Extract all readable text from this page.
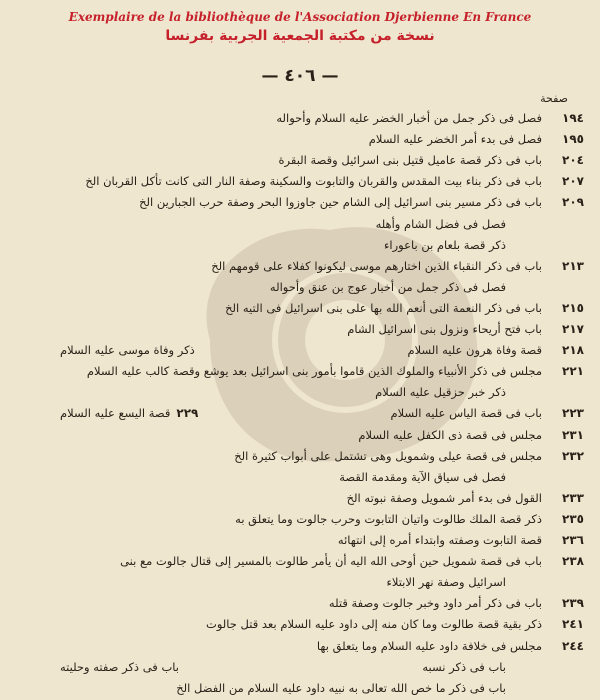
Exemplaire de la bibliothèque de l'Association Djerbienne En France
نسخة من مكتبة الجمعية الجربية بفرنسا
— ٤٠٦ —
صفحة
١٩٤فصل فى ذكر جمل من أخبار الخضر عليه السلام وأحواله
١٩٥فصل فى بدء أمر الخضر عليه السلام
٢٠٤باب فى ذكر قصة عاميل قتيل بنى اسرائيل وقصة البقرة
٢٠٧باب فى ذكر بناء بيت المقدس والقربان والتابوت والسكينة وصفة النار التى كانت تأكل القربان الخ
٢٠٩باب فى ذكر مسير بنى اسرائيل إلى الشام حين جاوزوا البحر وصفة حرب الجبارين الخ
فصل فى فضل الشام وأهله
ذكر قصة بلعام بن باعوراء
٢١٣باب فى ذكر النقباء الذين اختارهم موسى ليكونوا كفلاء على قومهم الخ
فصل فى ذكر جمل من أخبار عوج بن عنق وأحواله
٢١٥باب فى ذكر النعمة التى أنعم الله بها على بنى اسرائيل فى التيه الخ
٢١٧باب فتح أريحاء ونزول بنى اسرائيل الشام
٢١٨قصة وفاة هرون عليه السلام
ذكر وفاة موسى عليه السلام
٢٢١مجلس فى ذكر الأنبياء والملوك الذين قاموا بأمور بنى اسرائيل بعد يوشع وقصة كالب عليه السلام
ذكر خبر حزقيل عليه السلام
٢٢٣باب فى قصة الياس عليه السلام
٢٢٩قصة اليسع عليه السلام
٢٣١مجلس فى قصة ذى الكفل عليه السلام
٢٣٢مجلس فى قصة عيلى وشمويل وهى تشتمل على أبواب كثيرة الخ
فصل فى سياق الآية ومقدمة القصة
٢٣٣القول فى بدء أمر شمويل وصفة نبوته الخ
٢٣٥ذكر قصة الملك طالوت واتيان التابوت وحرب جالوت وما يتعلق به
٢٣٦قصة التابوت وصفته وابتداء أمره إلى انتهائه
٢٣٨باب فى قصة شمويل حين أوحى الله اليه أن يأمر طالوت بالمسير إلى قتال جالوت مع بنى
اسرائيل وصفة نهر الابتلاء
٢٣٩باب فى ذكر أمر داود وخبر جالوت وصفة قتله
٢٤١ذكر بقية قصة طالوت وما كان منه إلى داود عليه السلام بعد قتل جالوت
٢٤٤مجلس فى خلافة داود عليه السلام وما يتعلق بها
باب فى ذكر نسبه
باب فى ذكر صفته وحليته
باب فى ذكر ما خص الله تعالى به نبيه داود عليه السلام من الفضل الخ
